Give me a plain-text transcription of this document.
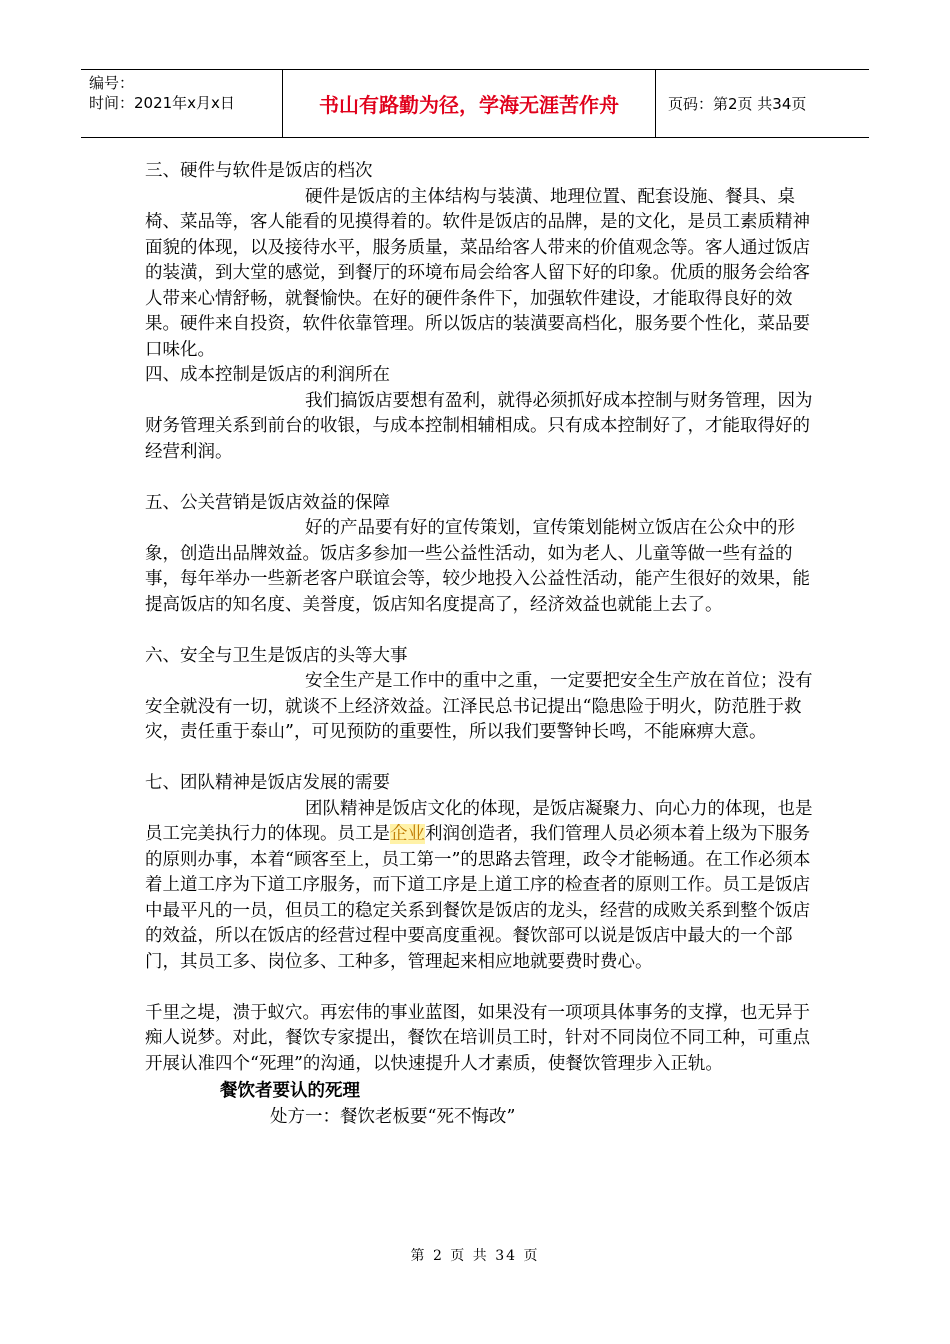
编号：
时间：2021年x月x日	书山有路勤为径，学海无涯苦作舟	页码：第2页 共34页

三、硬件与软件是饭店的档次

硬件是饭店的主体结构与装潢、地理位置、配套设施、餐具、桌椅、菜品等，客人能看的见摸得着的。软件是饭店的品牌，是的文化，是员工素质精神面貌的体现，以及接待水平，服务质量，菜品给客人带来的价值观念等。客人通过饭店的装潢，到大堂的感觉，到餐厅的环境布局会给客人留下好的印象。优质的服务会给客人带来心情舒畅，就餐愉快。在好的硬件条件下，加强软件建设，才能取得良好的效果。硬件来自投资，软件依靠管理。所以饭店的装潢要高档化，服务要个性化，菜品要口味化。

四、成本控制是饭店的利润所在

我们搞饭店要想有盈利，就得必须抓好成本控制与财务管理，因为财务管理关系到前台的收银，与成本控制相辅相成。只有成本控制好了，才能取得好的经营利润。

五、公关营销是饭店效益的保障

好的产品要有好的宣传策划，宣传策划能树立饭店在公众中的形象，创造出品牌效益。饭店多参加一些公益性活动，如为老人、儿童等做一些有益的事，每年举办一些新老客户联谊会等，较少地投入公益性活动，能产生很好的效果，能提高饭店的知名度、美誉度，饭店知名度提高了，经济效益也就能上去了。

六、安全与卫生是饭店的头等大事

安全生产是工作中的重中之重，一定要把安全生产放在首位；没有安全就没有一切，就谈不上经济效益。江泽民总书记提出“隐患险于明火，防范胜于救灾，责任重于泰山”，可见预防的重要性，所以我们要警钟长鸣，不能麻痹大意。

七、团队精神是饭店发展的需要

团队精神是饭店文化的体现，是饭店凝聚力、向心力的体现，也是员工完美执行力的体现。员工是企业利润创造者，我们管理人员必须本着上级为下服务的原则办事，本着“顾客至上，员工第一”的思路去管理，政令才能畅通。在工作必须本着上道工序为下道工序服务，而下道工序是上道工序的检查者的原则工作。员工是饭店中最平凡的一员，但员工的稳定关系到餐饮是饭店的龙头，经营的成败关系到整个饭店的效益，所以在饭店的经营过程中要高度重视。餐饮部可以说是饭店中最大的一个部门，其员工多、岗位多、工种多，管理起来相应地就要费时费心。

千里之堤，溃于蚁穴。再宏伟的事业蓝图，如果没有一项项具体事务的支撑，也无异于痴人说梦。对此，餐饮专家提出，餐饮在培训员工时，针对不同岗位不同工种，可重点开展认准四个“死理”的沟通，以快速提升人才素质，使餐饮管理步入正轨。

餐饮者要认的死理

处方一：餐饮老板要“死不悔改”

第 2 页 共 34 页
